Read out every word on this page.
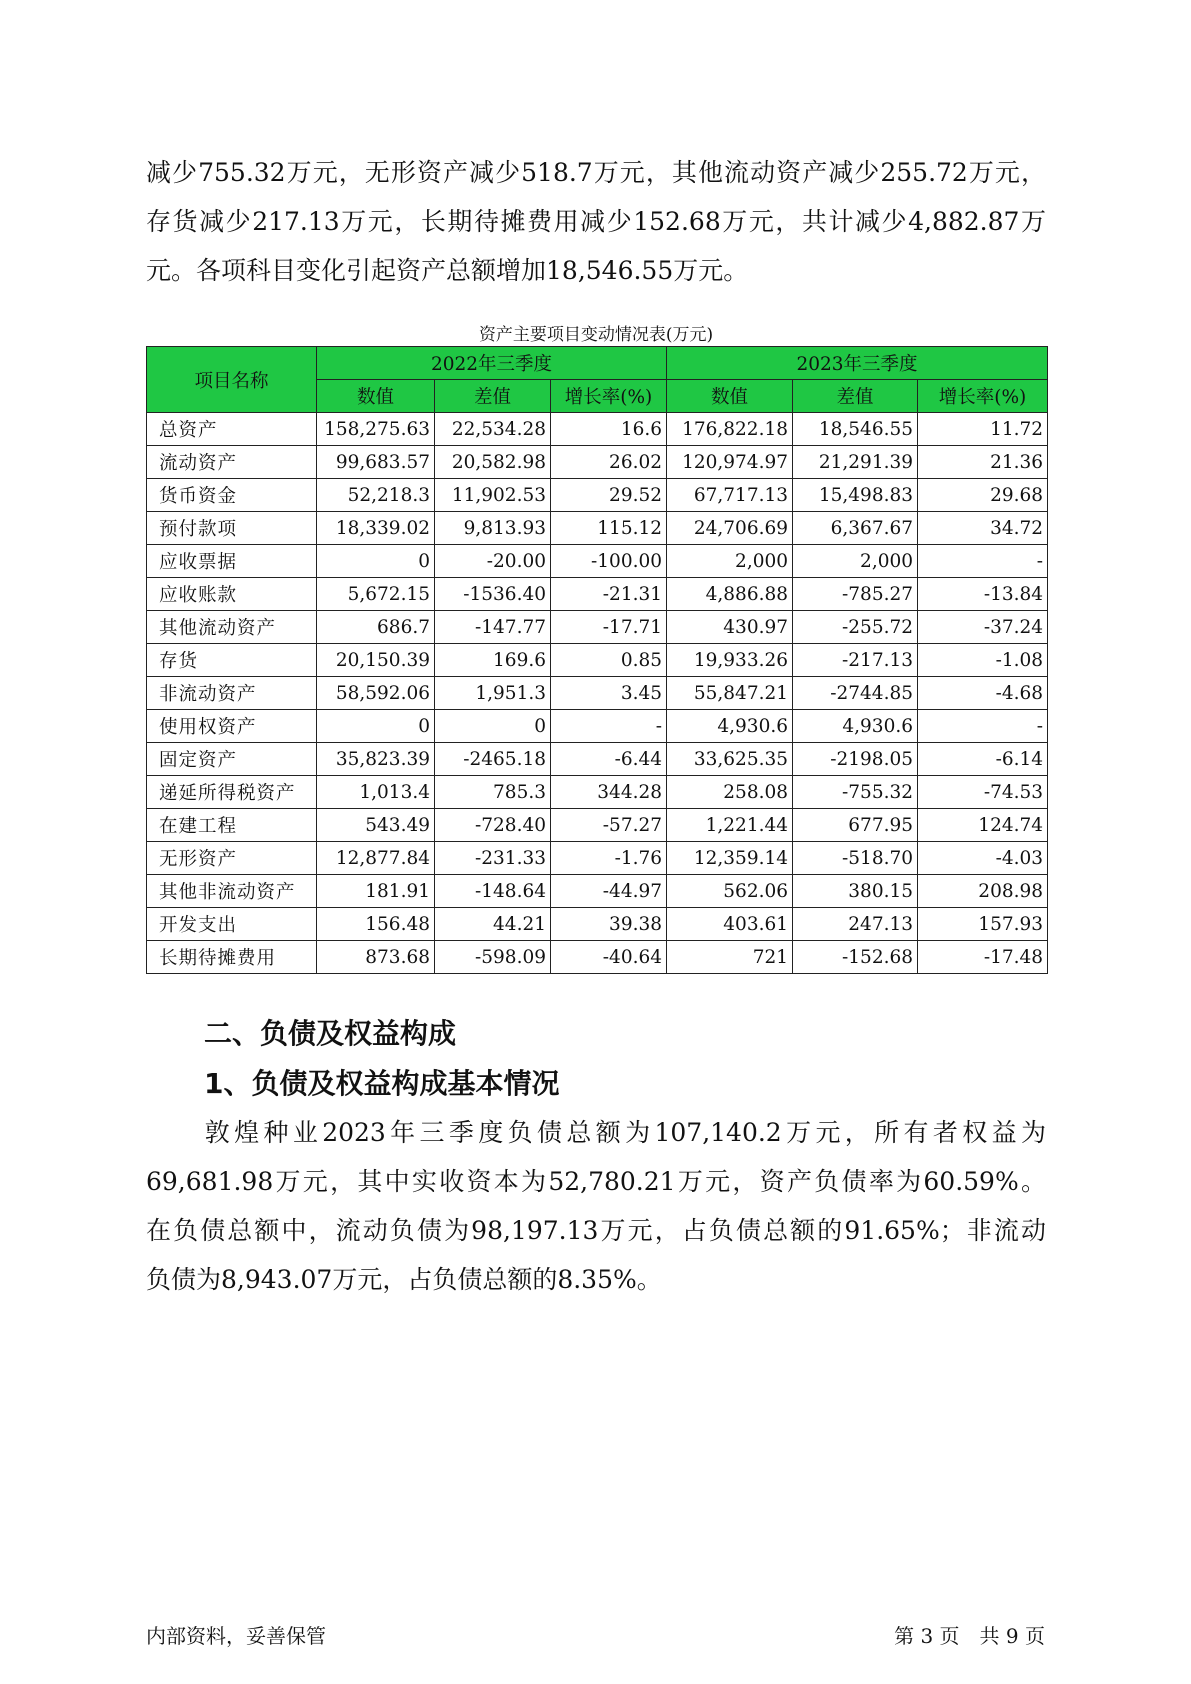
减少755.32万元，无形资产减少518.7万元，其他流动资产减少255.72万元，
存货减少217.13万元，长期待摊费用减少152.68万元，共计减少4,882.87万
元。各项科目变化引起资产总额增加18,546.55万元。
资产主要项目变动情况表(万元)
项目名称	2022年三季度			2023年三季度		
	数值	差值	增长率(%)	数值	差值	增长率(%)
总资产	158,275.63	22,534.28	16.6	176,822.18	18,546.55	11.72
流动资产	99,683.57	20,582.98	26.02	120,974.97	21,291.39	21.36
货币资金	52,218.3	11,902.53	29.52	67,717.13	15,498.83	29.68
预付款项	18,339.02	9,813.93	115.12	24,706.69	6,367.67	34.72
应收票据	0	-20.00	-100.00	2,000	2,000	-
应收账款	5,672.15	-1536.40	-21.31	4,886.88	-785.27	-13.84
其他流动资产	686.7	-147.77	-17.71	430.97	-255.72	-37.24
存货	20,150.39	169.6	0.85	19,933.26	-217.13	-1.08
非流动资产	58,592.06	1,951.3	3.45	55,847.21	-2744.85	-4.68
使用权资产	0	0	-	4,930.6	4,930.6	-
固定资产	35,823.39	-2465.18	-6.44	33,625.35	-2198.05	-6.14
递延所得税资产	1,013.4	785.3	344.28	258.08	-755.32	-74.53
在建工程	543.49	-728.40	-57.27	1,221.44	677.95	124.74
无形资产	12,877.84	-231.33	-1.76	12,359.14	-518.70	-4.03
其他非流动资产	181.91	-148.64	-44.97	562.06	380.15	208.98
开发支出	156.48	44.21	39.38	403.61	247.13	157.93
长期待摊费用	873.68	-598.09	-40.64	721	-152.68	-17.48
二、负债及权益构成
1、负债及权益构成基本情况
　　敦煌种业2023年三季度负债总额为107,140.2万元，所有者权益为
69,681.98万元，其中实收资本为52,780.21万元，资产负债率为60.59%。
在负债总额中，流动负债为98,197.13万元，占负债总额的91.65%；非流动
负债为8,943.07万元，占负债总额的8.35%。
内部资料，妥善保管	第 3 页　共 9 页
